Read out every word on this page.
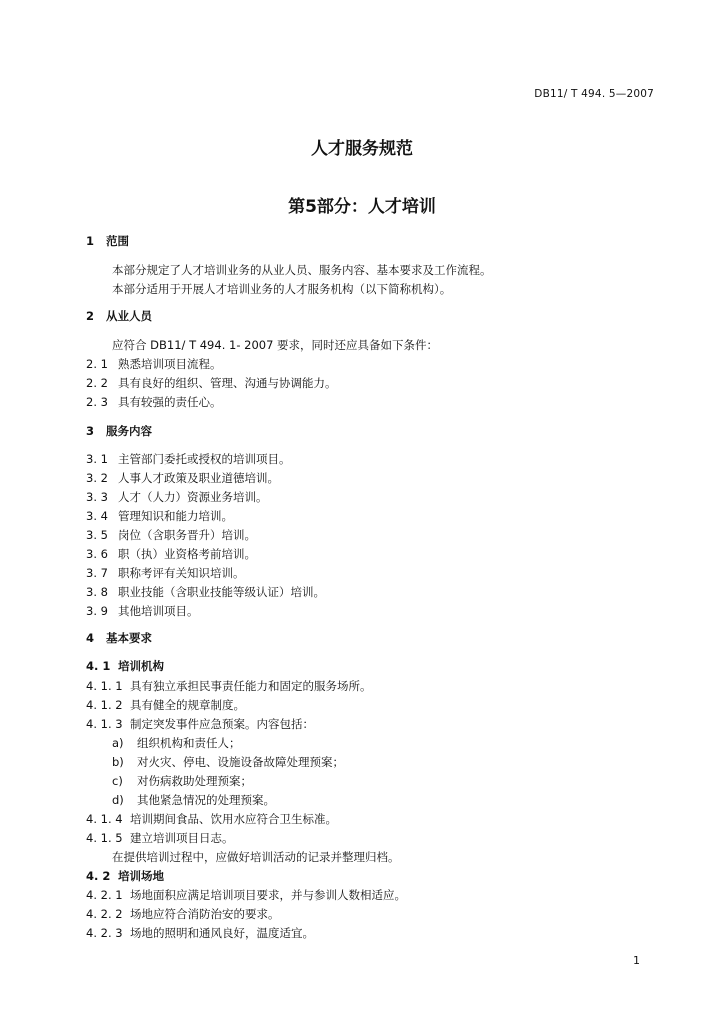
DB11/ T 494. 5—2007
人才服务规范
第5部分：人才培训
1 范围
本部分规定了人才培训业务的从业人员、服务内容、基本要求及工作流程。
本部分适用于开展人才培训业务的人才服务机构（以下简称机构）。
2 从业人员
应符合 DB11/ T 494. 1- 2007 要求，同时还应具备如下条件：
2. 1 熟悉培训项目流程。
2. 2 具有良好的组织、管理、沟通与协调能力。
2. 3 具有较强的责任心。
3 服务内容
3. 1 主管部门委托或授权的培训项目。
3. 2 人事人才政策及职业道德培训。
3. 3 人才（人力）资源业务培训。
3. 4 管理知识和能力培训。
3. 5 岗位（含职务晋升）培训。
3. 6 职（执）业资格考前培训。
3. 7 职称考评有关知识培训。
3. 8 职业技能（含职业技能等级认证）培训。
3. 9 其他培训项目。
4 基本要求
4. 1 培训机构
4. 1. 1 具有独立承担民事责任能力和固定的服务场所。
4. 1. 2 具有健全的规章制度。
4. 1. 3 制定突发事件应急预案。内容包括：
a) 组织机构和责任人；
b) 对火灾、停电、设施设备故障处理预案；
c) 对伤病救助处理预案；
d) 其他紧急情况的处理预案。
4. 1. 4 培训期间食品、饮用水应符合卫生标准。
4. 1. 5 建立培训项目日志。
在提供培训过程中，应做好培训活动的记录并整理归档。
4. 2 培训场地
4. 2. 1 场地面积应满足培训项目要求，并与参训人数相适应。
4. 2. 2 场地应符合消防治安的要求。
4. 2. 3 场地的照明和通风良好，温度适宜。
1
